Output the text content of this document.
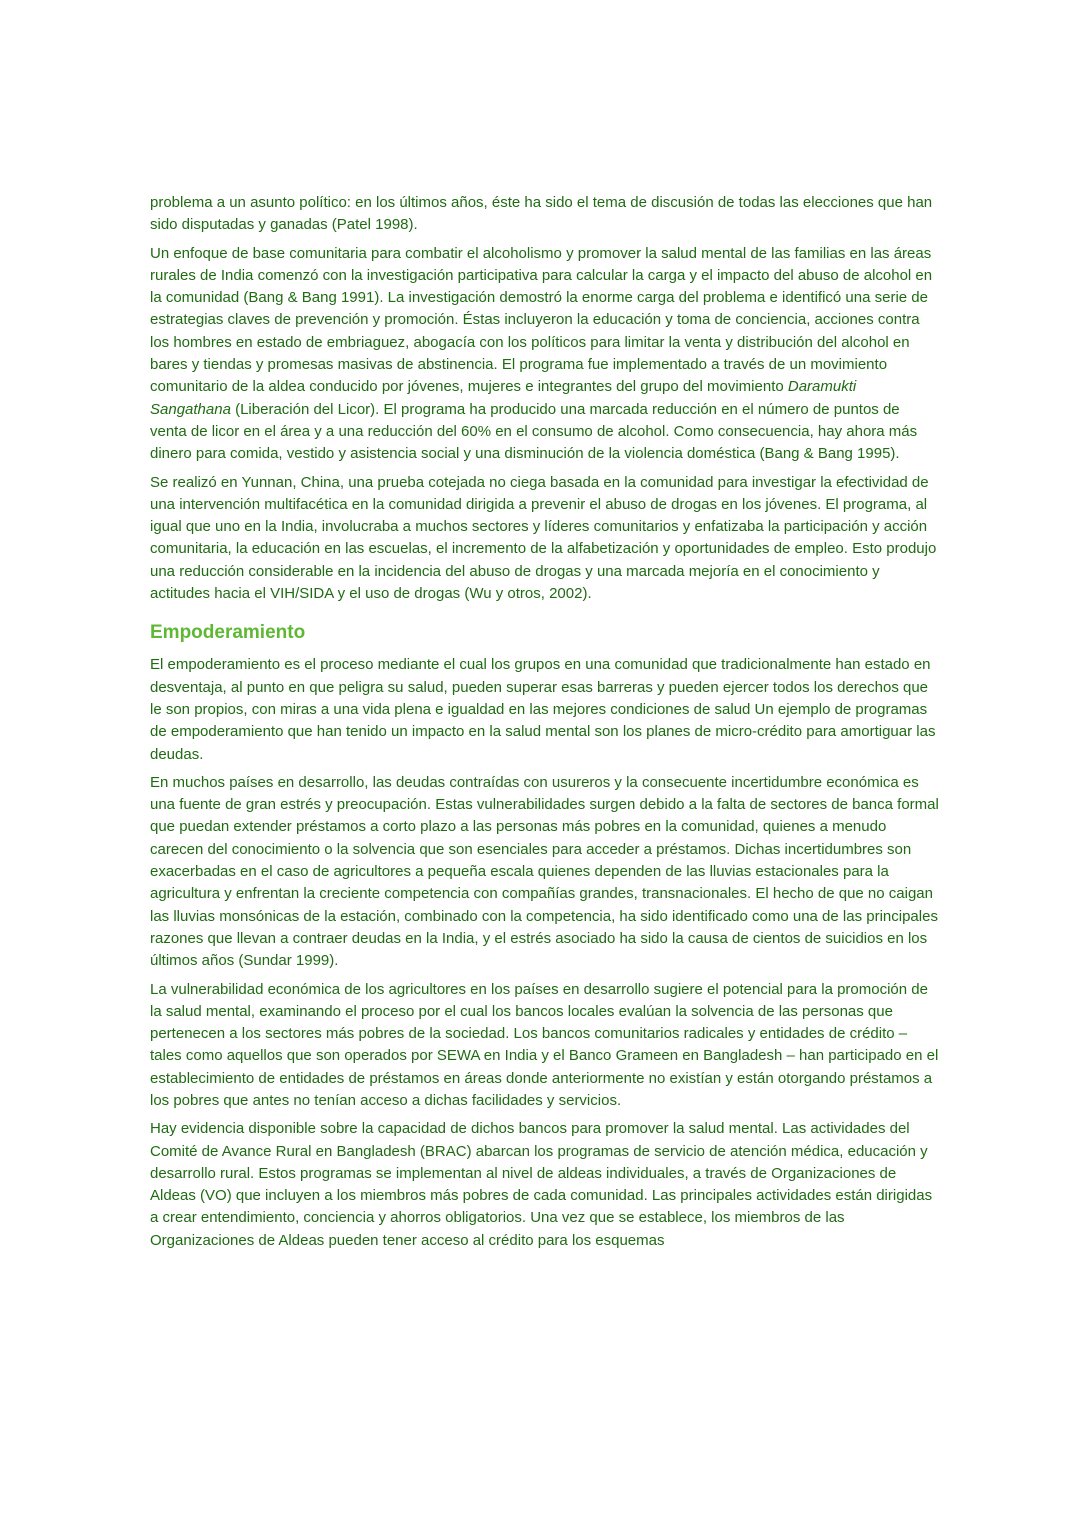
problema a un asunto político: en los últimos años, éste ha sido el tema de discusión de todas las elecciones que han sido disputadas y ganadas (Patel 1998).

Un enfoque de base comunitaria para combatir el alcoholismo y promover la salud mental de las familias en las áreas rurales de India comenzó con la investigación participativa para calcular la carga y el impacto del abuso de alcohol en la comunidad (Bang & Bang 1991). La investigación demostró la enorme carga del problema e identificó una serie de estrategias claves de prevención y promoción. Éstas incluyeron la educación y toma de conciencia, acciones contra los hombres en estado de embriaguez, abogacía con los políticos para limitar la venta y distribución del alcohol en bares y tiendas y promesas masivas de abstinencia. El programa fue implementado a través de un movimiento comunitario de la aldea conducido por jóvenes, mujeres e integrantes del grupo del movimiento Daramukti Sangathana (Liberación del Licor). El programa ha producido una marcada reducción en el número de puntos de venta de licor en el área y a una reducción del 60% en el consumo de alcohol. Como consecuencia, hay ahora más dinero para comida, vestido y asistencia social y una disminución de la violencia doméstica (Bang & Bang 1995).

Se realizó en Yunnan, China, una prueba cotejada no ciega basada en la comunidad para investigar la efectividad de una intervención multifacética en la comunidad dirigida a prevenir el abuso de drogas en los jóvenes. El programa, al igual que uno en la India, involucraba a muchos sectores y líderes comunitarios y enfatizaba la participación y acción comunitaria, la educación en las escuelas, el incremento de la alfabetización y oportunidades de empleo. Esto produjo una reducción considerable en la incidencia del abuso de drogas y una marcada mejoría en el conocimiento y actitudes hacia el VIH/SIDA y el uso de drogas (Wu y otros, 2002).

Empoderamiento

El empoderamiento es el proceso mediante el cual los grupos en una comunidad que tradicionalmente han estado en desventaja, al punto en que peligra su salud, pueden superar esas barreras y pueden ejercer todos los derechos que le son propios, con miras a una vida plena e igualdad en las mejores condiciones de salud Un ejemplo de programas de empoderamiento que han tenido un impacto en la salud mental son los planes de micro-crédito para amortiguar las deudas.

En muchos países en desarrollo, las deudas contraídas con usureros y la consecuente incertidumbre económica es una fuente de gran estrés y preocupación. Estas vulnerabilidades surgen debido a la falta de sectores de banca formal que puedan extender préstamos a corto plazo a las personas más pobres en la comunidad, quienes a menudo carecen del conocimiento o la solvencia que son esenciales para acceder a préstamos. Dichas incertidumbres son exacerbadas en el caso de agricultores a pequeña escala quienes dependen de las lluvias estacionales para la agricultura y enfrentan la creciente competencia con compañías grandes, transnacionales. El hecho de que no caigan las lluvias monsónicas de la estación, combinado con la competencia, ha sido identificado como una de las principales razones que llevan a contraer deudas en la India, y el estrés asociado ha sido la causa de cientos de suicidios en los últimos años (Sundar 1999).

La vulnerabilidad económica de los agricultores en los países en desarrollo sugiere el potencial para la promoción de la salud mental, examinando el proceso por el cual los bancos locales evalúan la solvencia de las personas que pertenecen a los sectores más pobres de la sociedad. Los bancos comunitarios radicales y entidades de crédito – tales como aquellos que son operados por SEWA en India y el Banco Grameen en Bangladesh – han participado en el establecimiento de entidades de préstamos en áreas donde anteriormente no existían y están otorgando préstamos a los pobres que antes no tenían acceso a dichas facilidades y servicios.

Hay evidencia disponible sobre la capacidad de dichos bancos para promover la salud mental. Las actividades del Comité de Avance Rural en Bangladesh (BRAC) abarcan los programas de servicio de atención médica, educación y desarrollo rural. Estos programas se implementan al nivel de aldeas individuales, a través de Organizaciones de Aldeas (VO) que incluyen a los miembros más pobres de cada comunidad. Las principales actividades están dirigidas a crear entendimiento, conciencia y ahorros obligatorios. Una vez que se establece, los miembros de las Organizaciones de Aldeas pueden tener acceso al crédito para los esquemas
